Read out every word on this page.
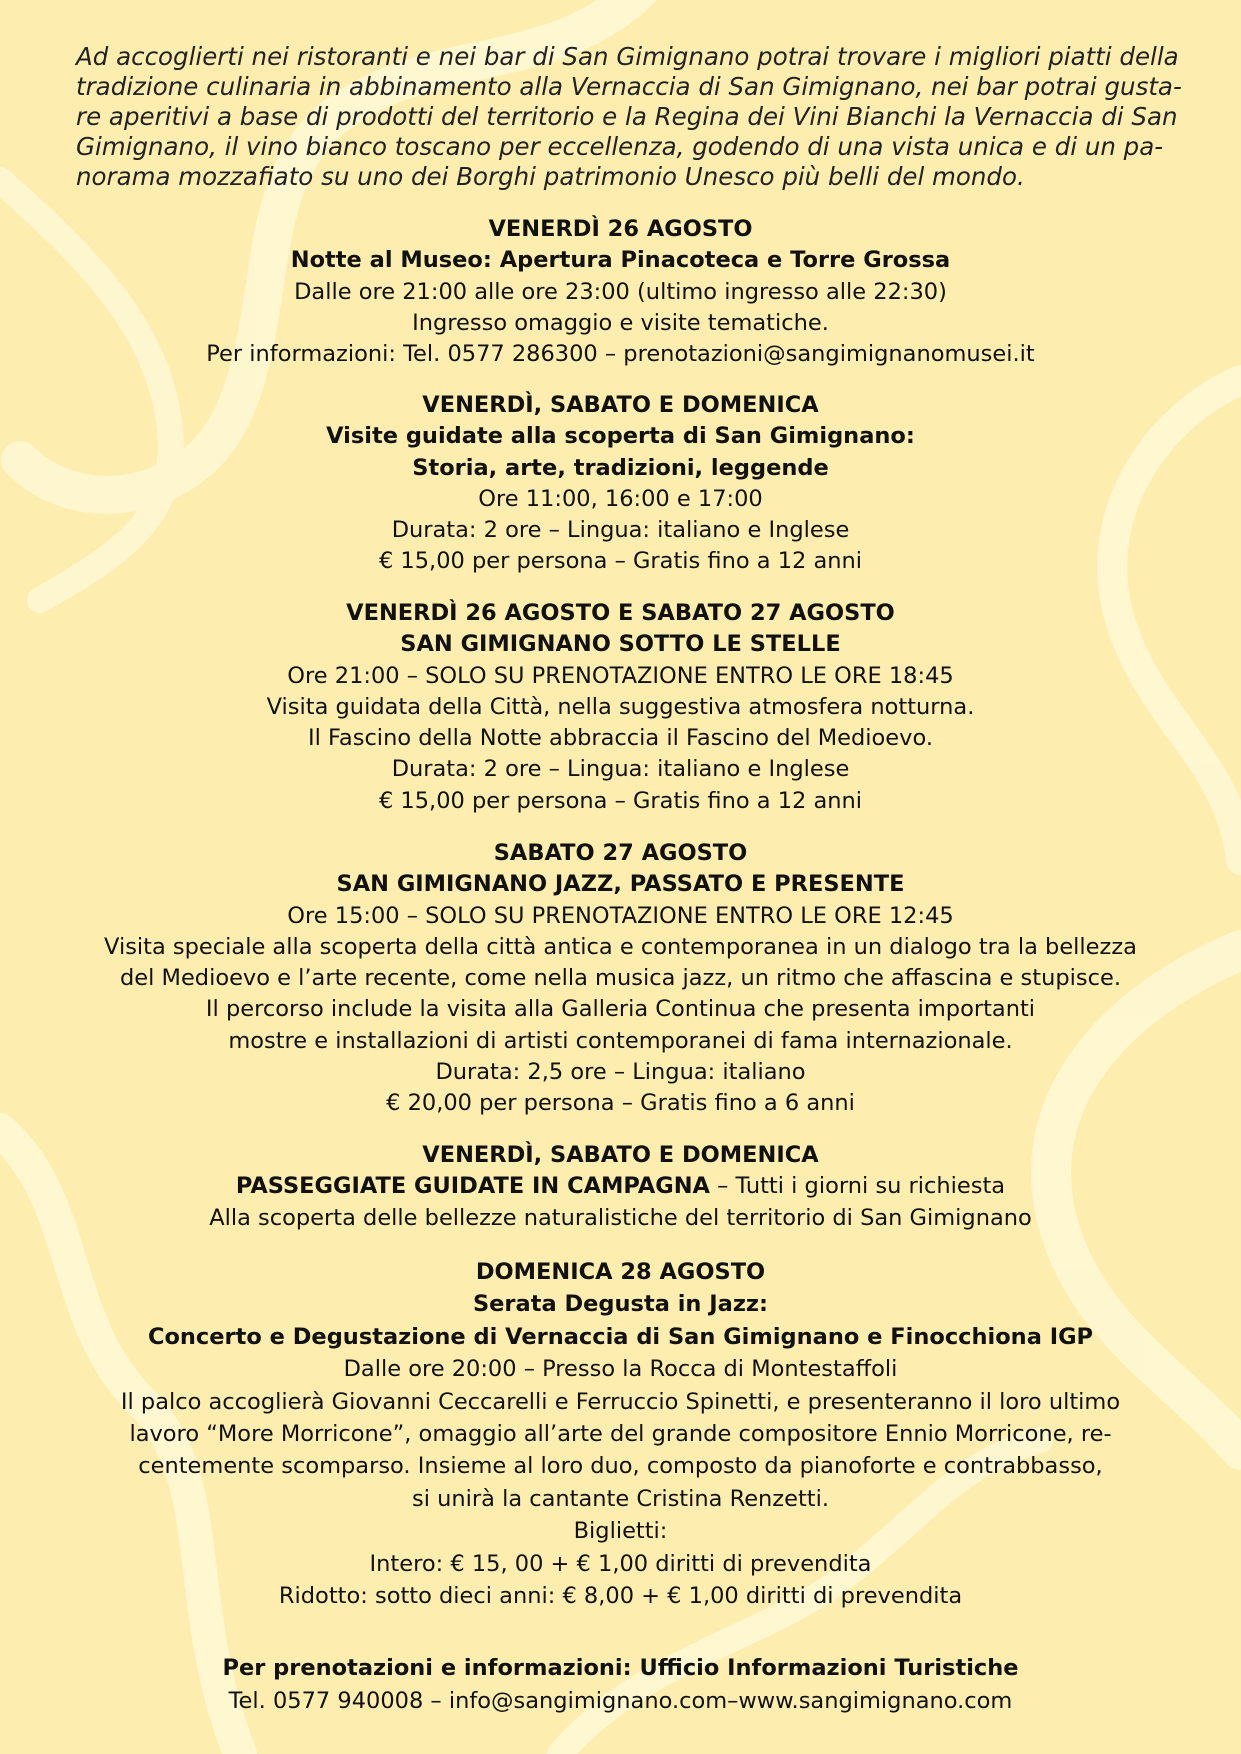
Ad accoglierti nei ristoranti e nei bar di San Gimignano potrai trovare i migliori piatti della
tradizione culinaria in abbinamento alla Vernaccia di San Gimignano, nei bar potrai gusta-
re aperitivi a base di prodotti del territorio e la Regina dei Vini Bianchi la Vernaccia di San
Gimignano, il vino bianco toscano per eccellenza, godendo di una vista unica e di un pa-
norama mozzafiato su uno dei Borghi patrimonio Unesco più belli del mondo.
VENERDÌ 26 AGOSTO
Notte al Museo: Apertura Pinacoteca e Torre Grossa
Dalle ore 21:00 alle ore 23:00 (ultimo ingresso alle 22:30)
Ingresso omaggio e visite tematiche.
Per informazioni: Tel. 0577 286300 – prenotazioni@sangimignanomusei.it
VENERDÌ, SABATO E DOMENICA
Visite guidate alla scoperta di San Gimignano:
Storia, arte, tradizioni, leggende
Ore 11:00, 16:00 e 17:00
Durata: 2 ore – Lingua: italiano e Inglese
€ 15,00 per persona – Gratis fino a 12 anni
VENERDÌ 26 AGOSTO E SABATO 27 AGOSTO
SAN GIMIGNANO SOTTO LE STELLE
Ore 21:00 – SOLO SU PRENOTAZIONE ENTRO LE ORE 18:45
Visita guidata della Città, nella suggestiva atmosfera notturna.
Il Fascino della Notte abbraccia il Fascino del Medioevo.
Durata: 2 ore – Lingua: italiano e Inglese
€ 15,00 per persona – Gratis fino a 12 anni
SABATO 27 AGOSTO
SAN GIMIGNANO JAZZ, PASSATO E PRESENTE
Ore 15:00 – SOLO SU PRENOTAZIONE ENTRO LE ORE 12:45
Visita speciale alla scoperta della città antica e contemporanea in un dialogo tra la bellezza
del Medioevo e l’arte recente, come nella musica jazz, un ritmo che affascina e stupisce.
Il percorso include la visita alla Galleria Continua che presenta importanti
mostre e installazioni di artisti contemporanei di fama internazionale.
Durata: 2,5 ore – Lingua: italiano
€ 20,00 per persona – Gratis fino a 6 anni
VENERDÌ, SABATO E DOMENICA
PASSEGGIATE GUIDATE IN CAMPAGNA – Tutti i giorni su richiesta
Alla scoperta delle bellezze naturalistiche del territorio di San Gimignano
DOMENICA 28 AGOSTO
Serata Degusta in Jazz:
Concerto e Degustazione di Vernaccia di San Gimignano e Finocchiona IGP
Dalle ore 20:00 – Presso la Rocca di Montestaffoli
Il palco accoglierà Giovanni Ceccarelli e Ferruccio Spinetti, e presenteranno il loro ultimo
lavoro “More Morricone”, omaggio all’arte del grande compositore Ennio Morricone, re-
centemente scomparso. Insieme al loro duo, composto da pianoforte e contrabbasso,
si unirà la cantante Cristina Renzetti.
Biglietti:
Intero: € 15, 00 + € 1,00 diritti di prevendita
Ridotto: sotto dieci anni: € 8,00 + € 1,00 diritti di prevendita
Per prenotazioni e informazioni: Ufficio Informazioni Turistiche
Tel. 0577 940008 – info@sangimignano.com–www.sangimignano.com
